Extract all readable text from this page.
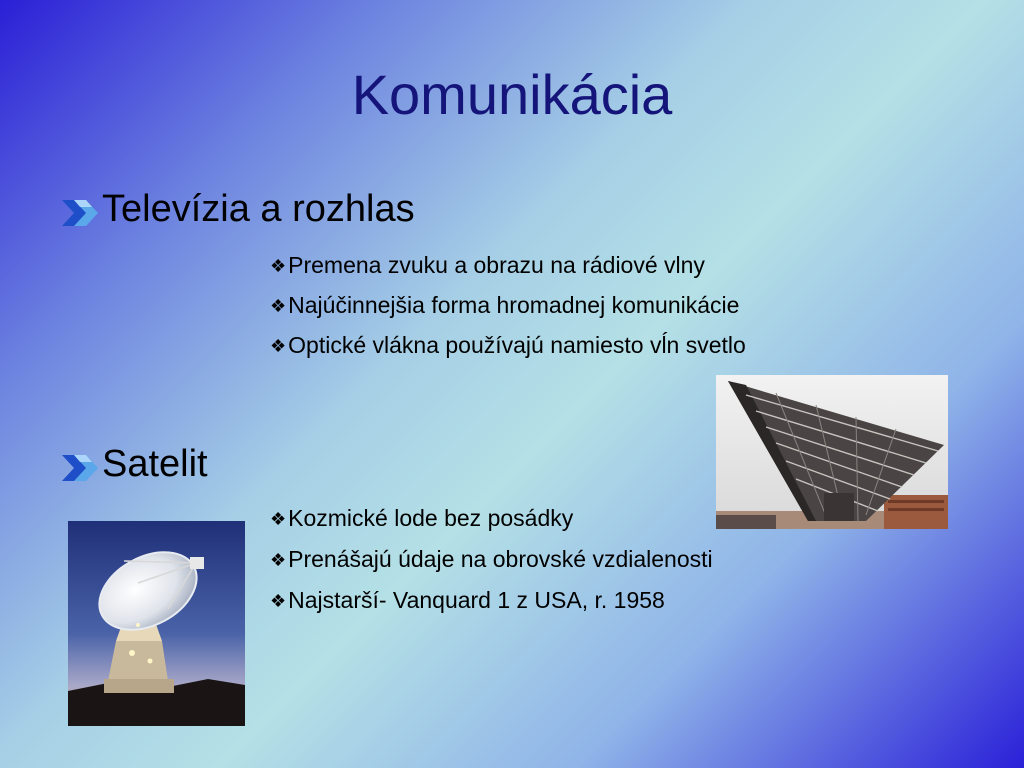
Komunikácia
Televízia a rozhlas
❖ Premena zvuku a obrazu na rádiové vlny
❖ Najúčinnejšia forma hromadnej komunikácie
❖ Optické vlákna používajú namiesto vĺn svetlo
Satelit
❖ Kozmické lode bez posádky
❖ Prenášajú údaje na obrovské vzdialenosti
❖ Najstarší- Vanquard 1 z USA, r. 1958
